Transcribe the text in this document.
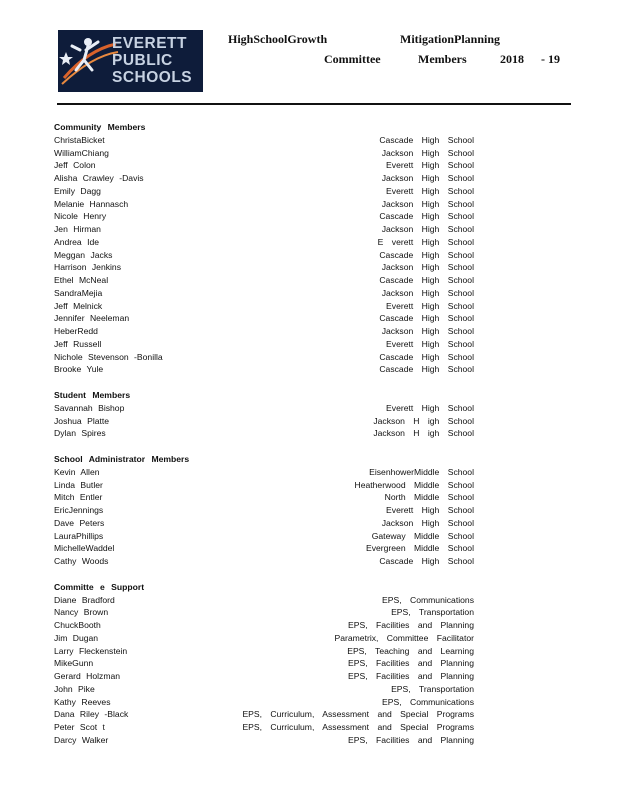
EVERETT
PUBLIC
SCHOOLS
HighSchoolGrowth	MitigationPlanning
Committee	Members	2018 - 19
Community Members
ChristaBicket	Cascade High School
WilliamChiang	Jackson High School
Jeff Colon	Everett High School
Alisha Crawley -Davis	Jackson High School
Emily Dagg	Everett High School
Melanie Hannasch	Jackson High School
Nicole Henry	Cascade High School
Jen Hirman	Jackson High School
Andrea Ide	E verett High School
Meggan Jacks	Cascade High School
Harrison Jenkins	Jackson High School
Ethel McNeal	Cascade High School
SandraMejia	Jackson High School
Jeff Melnick	Everett High School
Jennifer Neeleman	Cascade High School
HeberRedd	Jackson High School
Jeff Russell	Everett High School
Nichole Stevenson -Bonilla	Cascade High School
Brooke Yule	Cascade High School
Student Members
Savannah Bishop	Everett High School
Joshua Platte	Jackson H igh School
Dylan Spires	Jackson H igh School
School Administrator Members
Kevin Allen	EisenhowerMiddle School
Linda Butler	Heatherwood Middle School
Mitch Entler	North Middle School
EricJennings	Everett High School
Dave Peters	Jackson High School
LauraPhillips	Gateway Middle School
MichelleWaddel	Evergreen Middle School
Cathy Woods	Cascade High School
Committe e Support
Diane Bradford	EPS, Communications
Nancy Brown	EPS, Transportation
ChuckBooth	EPS, Facilities and Planning
Jim Dugan	Parametrix, Committee Facilitator
Larry Fleckenstein	EPS, Teaching and Learning
MikeGunn	EPS, Facilities and Planning
Gerard Holzman	EPS, Facilities and Planning
John Pike	EPS, Transportation
Kathy Reeves	EPS, Communications
Dana Riley -Black	EPS, Curriculum, Assessment and Special Programs
Peter Scot t	EPS, Curriculum, Assessment and Special Programs
Darcy Walker	EPS, Facilities and Planning
